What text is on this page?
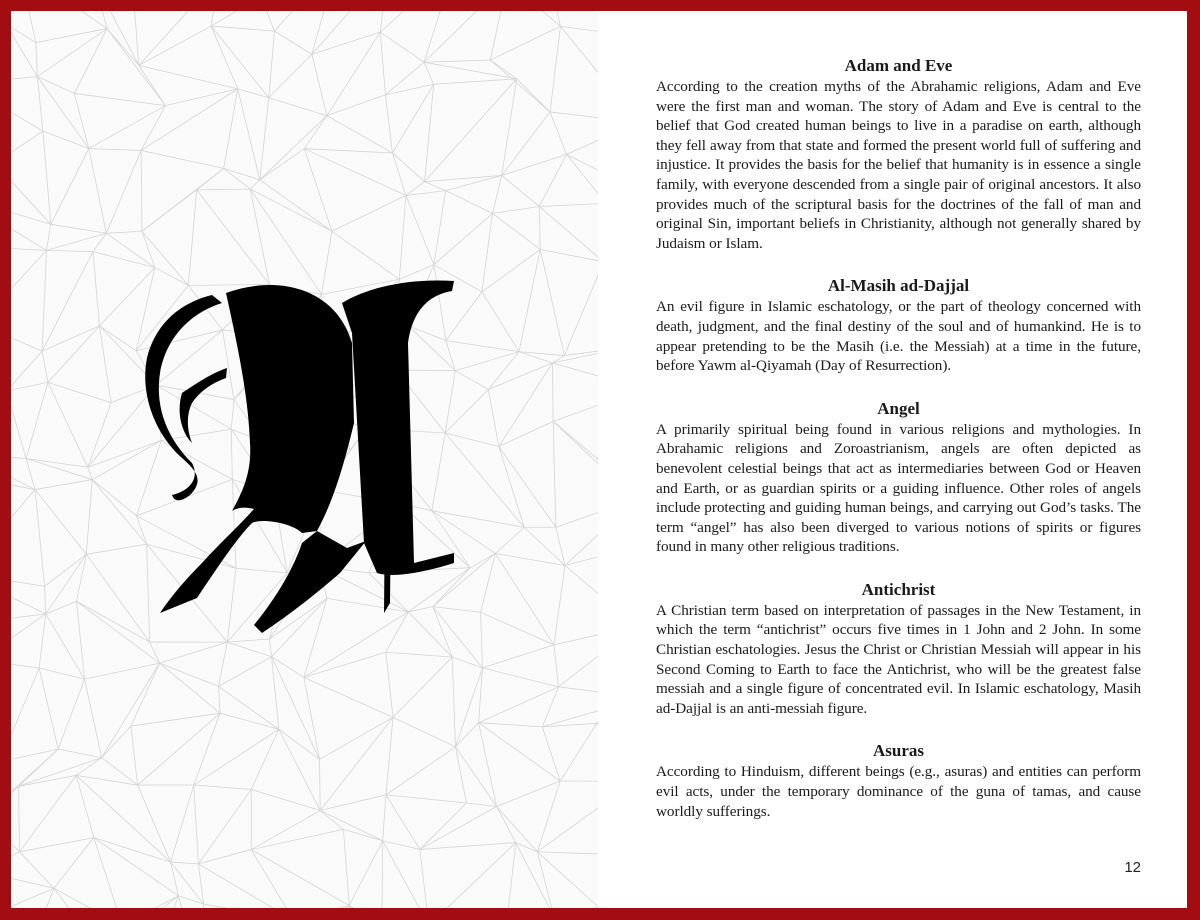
Adam and Eve

According to the creation myths of the Abrahamic religions, Adam and Eve were the first man and woman. The story of Adam and Eve is central to the belief that God created human beings to live in a paradise on earth, although they fell away from that state and formed the present world full of suffering and injustice. It provides the basis for the belief that humanity is in essence a single family, with everyone descended from a single pair of original ancestors. It also provides much of the scriptural basis for the doctrines of the fall of man and original Sin, important beliefs in Christianity, although not generally shared by Judaism or Islam.

Al-Masih ad-Dajjal

An evil figure in Islamic eschatology, or the part of theology concerned with death, judgment, and the final destiny of the soul and of humankind. He is to appear pretending to be the Masih (i.e. the Messiah) at a time in the future, before Yawm al-Qiyamah (Day of Resurrection).

Angel

A primarily spiritual being found in various religions and mythologies. In Abrahamic religions and Zoroastrianism, angels are often depicted as benevolent celestial beings that act as intermediaries between God or Heaven and Earth, or as guardian spirits or a guiding influence. Other roles of angels include protecting and guiding human beings, and carrying out God’s tasks. The term “angel” has also been diverged to various notions of spirits or figures found in many other religious traditions.

Antichrist

A Christian term based on interpretation of passages in the New Testament, in which the term “antichrist” occurs five times in 1 John and 2 John. In some Christian eschatologies. Jesus the Christ or Christian Messiah will appear in his Second Coming to Earth to face the Antichrist, who will be the greatest false messiah and a single figure of concentrated evil. In Islamic eschatology, Masih ad-Dajjal is an anti-messiah figure.

Asuras

According to Hinduism, different beings (e.g., asuras) and entities can perform evil acts, under the temporary dominance of the guna of tamas, and cause worldly sufferings.

12
